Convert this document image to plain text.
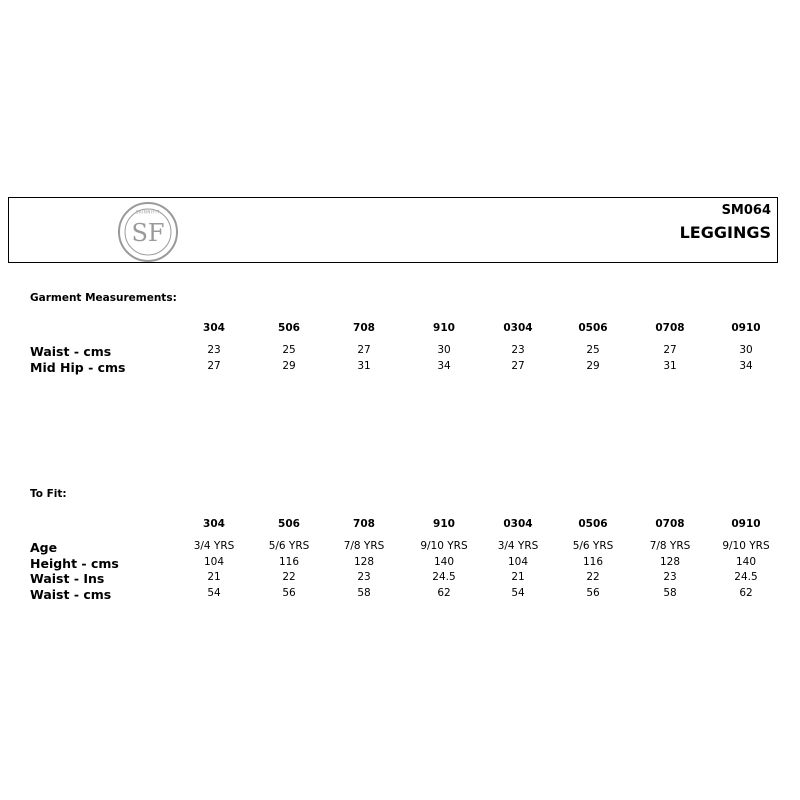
SF
SKINNIFIT	SM064
LEGGINGS
Garment Measurements:
304	506	708	910	0304	0506	0708	0910
Waist - cms	23	25	27	30	23	25	27	30
Mid Hip - cms	27	29	31	34	27	29	31	34
To Fit:
304	506	708	910	0304	0506	0708	0910
Age	3/4 YRS	5/6 YRS	7/8 YRS	9/10 YRS	3/4 YRS	5/6 YRS	7/8 YRS	9/10 YRS
Height - cms	104	116	128	140	104	116	128	140
Waist - Ins	21	22	23	24.5	21	22	23	24.5
Waist - cms	54	56	58	62	54	56	58	62
